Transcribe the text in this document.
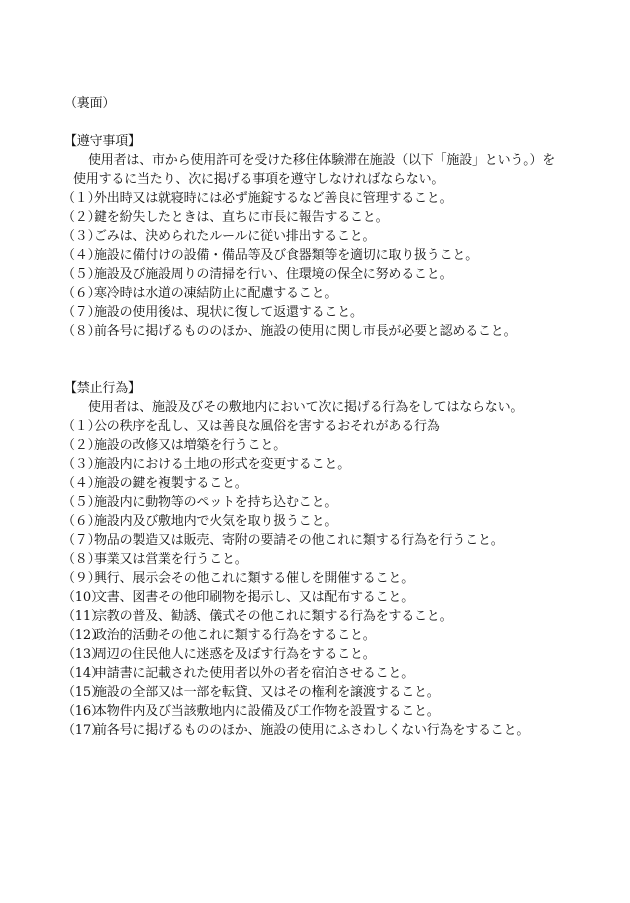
（裏面）
【遵守事項】
使用者は、市から使用許可を受けた移住体験滞在施設（以下「施設」という。）を
使用するに当たり、次に掲げる事項を遵守しなければならない。
（１）外出時又は就寝時には必ず施錠するなど善良に管理すること。
（２）鍵を紛失したときは、直ちに市長に報告すること。
（３）ごみは、決められたルールに従い排出すること。
（４）施設に備付けの設備・備品等及び食器類等を適切に取り扱うこと。
（５）施設及び施設周りの清掃を行い、住環境の保全に努めること。
（６）寒冷時は水道の凍結防止に配慮すること。
（７）施設の使用後は、現状に復して返還すること。
（８）前各号に掲げるもののほか、施設の使用に関し市長が必要と認めること。
【禁止行為】
使用者は、施設及びその敷地内において次に掲げる行為をしてはならない。
（１）公の秩序を乱し、又は善良な風俗を害するおそれがある行為
（２）施設の改修又は増築を行うこと。
（３）施設内における土地の形式を変更すること。
（４）施設の鍵を複製すること。
（５）施設内に動物等のペットを持ち込むこと。
（６）施設内及び敷地内で火気を取り扱うこと。
（７）物品の製造又は販売、寄附の要請その他これに類する行為を行うこと。
（８）事業又は営業を行うこと。
（９）興行、展示会その他これに類する催しを開催すること。
（10）文書、図書その他印刷物を掲示し、又は配布すること。
（11）宗教の普及、勧誘、儀式その他これに類する行為をすること。
（12）政治的活動その他これに類する行為をすること。
（13）周辺の住民他人に迷惑を及ぼす行為をすること。
（14）申請書に記載された使用者以外の者を宿泊させること。
（15）施設の全部又は一部を転貸、又はその権利を譲渡すること。
（16）本物件内及び当該敷地内に設備及び工作物を設置すること。
（17）前各号に掲げるもののほか、施設の使用にふさわしくない行為をすること。
